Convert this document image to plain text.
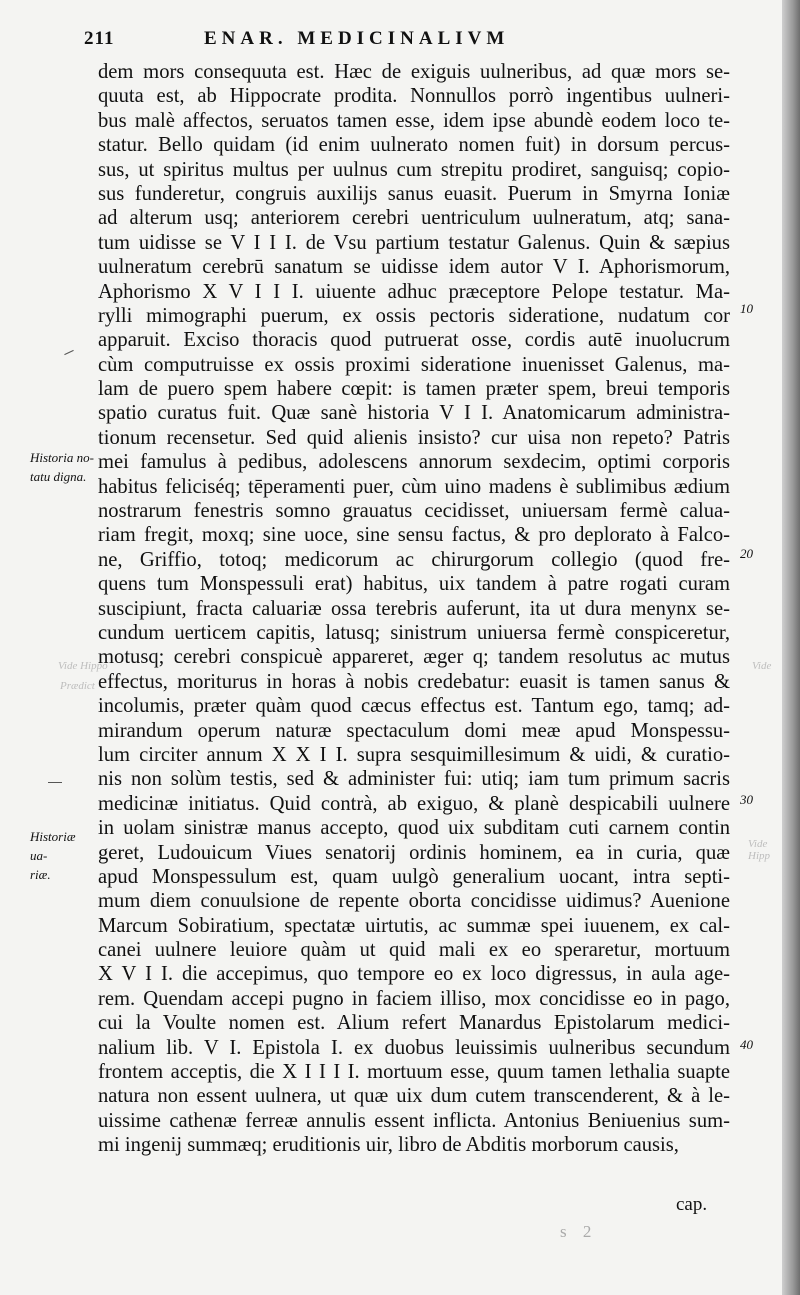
211	ENAR. MEDICINALIVM
dem mors consequuta est. Hæc de exiguis uulneribus, ad quæ mors se-
quuta est, ab Hippocrate prodita. Nonnullos porrò ingentibus uulneri-
bus malè affectos, seruatos tamen esse, idem ipse abundè eodem loco te-
statur. Bello quidam (id enim uulnerato nomen fuit) in dorsum percus-
sus, ut spiritus multus per uulnus cum strepitu prodiret, sanguisq; copio-
sus funderetur, congruis auxilijs sanus euasit. Puerum in Smyrna Ioniæ
ad alterum usq; anteriorem cerebri uentriculum uulneratum, atq; sana-
tum uidisse se V I I I. de Vsu partium testatur Galenus. Quin & sæpius
uulneratum cerebrū sanatum se uidisse idem autor V I. Aphorismorum,
Aphorismo X V I I I. uiuente adhuc præceptore Pelope testatur. Ma-
rylli mimographi puerum, ex ossis pectoris sideratione, nudatum cor
apparuit. Exciso thoracis quod putruerat osse, cordis autē inuolucrum
cùm computruisse ex ossis proximi sideratione inuenisset Galenus, ma-
lam de puero spem habere cœpit: is tamen præter spem, breui temporis
spatio curatus fuit. Quæ sanè historia V I I. Anatomicarum administra-
tionum recensetur. Sed quid alienis insisto? cur uisa non repeto? Patris
mei famulus à pedibus, adolescens annorum sexdecim, optimi corporis
habitus feliciséq; tēperamenti puer, cùm uino madens è sublimibus ædium
nostrarum fenestris somno grauatus cecidisset, uniuersam fermè calua-
riam fregit, moxq; sine uoce, sine sensu factus, & pro deplorato à Falco-
ne, Griffio, totoq; medicorum ac chirurgorum collegio (quod fre-
quens tum Monspessuli erat) habitus, uix tandem à patre rogati curam
suscipiunt, fracta caluariæ ossa terebris auferunt, ita ut dura menynx se-
cundum uerticem capitis, latusq; sinistrum uniuersa fermè conspiceretur,
motusq; cerebri conspicuè appareret, æger q; tandem resolutus ac mutus
effectus, moriturus in horas à nobis credebatur: euasit is tamen sanus &
incolumis, præter quàm quod cæcus effectus est. Tantum ego, tamq; ad-
mirandum operum naturæ spectaculum domi meæ apud Monspessu-
lum circiter annum X X I I. supra sesquimillesimum & uidi, & curatio-
nis non solùm testis, sed & administer fui: utiq; iam tum primum sacris
medicinæ initiatus. Quid contrà, ab exiguo, & planè despicabili uulnere
in uolam sinistræ manus accepto, quod uix subditam cuti carnem contin
geret, Ludouicum Viues senatorij ordinis hominem, ea in curia, quæ
apud Monspessulum est, quam uulgò generalium uocant, intra septi-
mum diem conuulsione de repente oborta concidisse uidimus? Auenione
Marcum Sobiratium, spectatæ uirtutis, ac summæ spei iuuenem, ex cal-
canei uulnere leuiore quàm ut quid mali ex eo speraretur, mortuum
X V I I. die accepimus, quo tempore eo ex loco digressus, in aula age-
rem. Quendam accepi pugno in faciem illiso, mox concidisse eo in pago,
cui la Voulte nomen est. Alium refert Manardus Epistolarum medici-
nalium lib. V I. Epistola I. ex duobus leuissimis uulneribus secundum
frontem acceptis, die X I I I I. mortuum esse, quum tamen lethalia suapte
natura non essent uulnera, ut quæ uix dum cutem transcenderent, & à le-
uissime cathenæ ferreæ annulis essent inflicta. Antonius Beniuenius sum-
mi ingenij summæq; eruditionis uir, libro de Abditis morborum causis,
Historia no-
tatu digna.
Historiæ ua-
riæ.
10
20
30
40
Vide Hippo
Prædict
Vide
Vide Hipp
s 2
cap.
